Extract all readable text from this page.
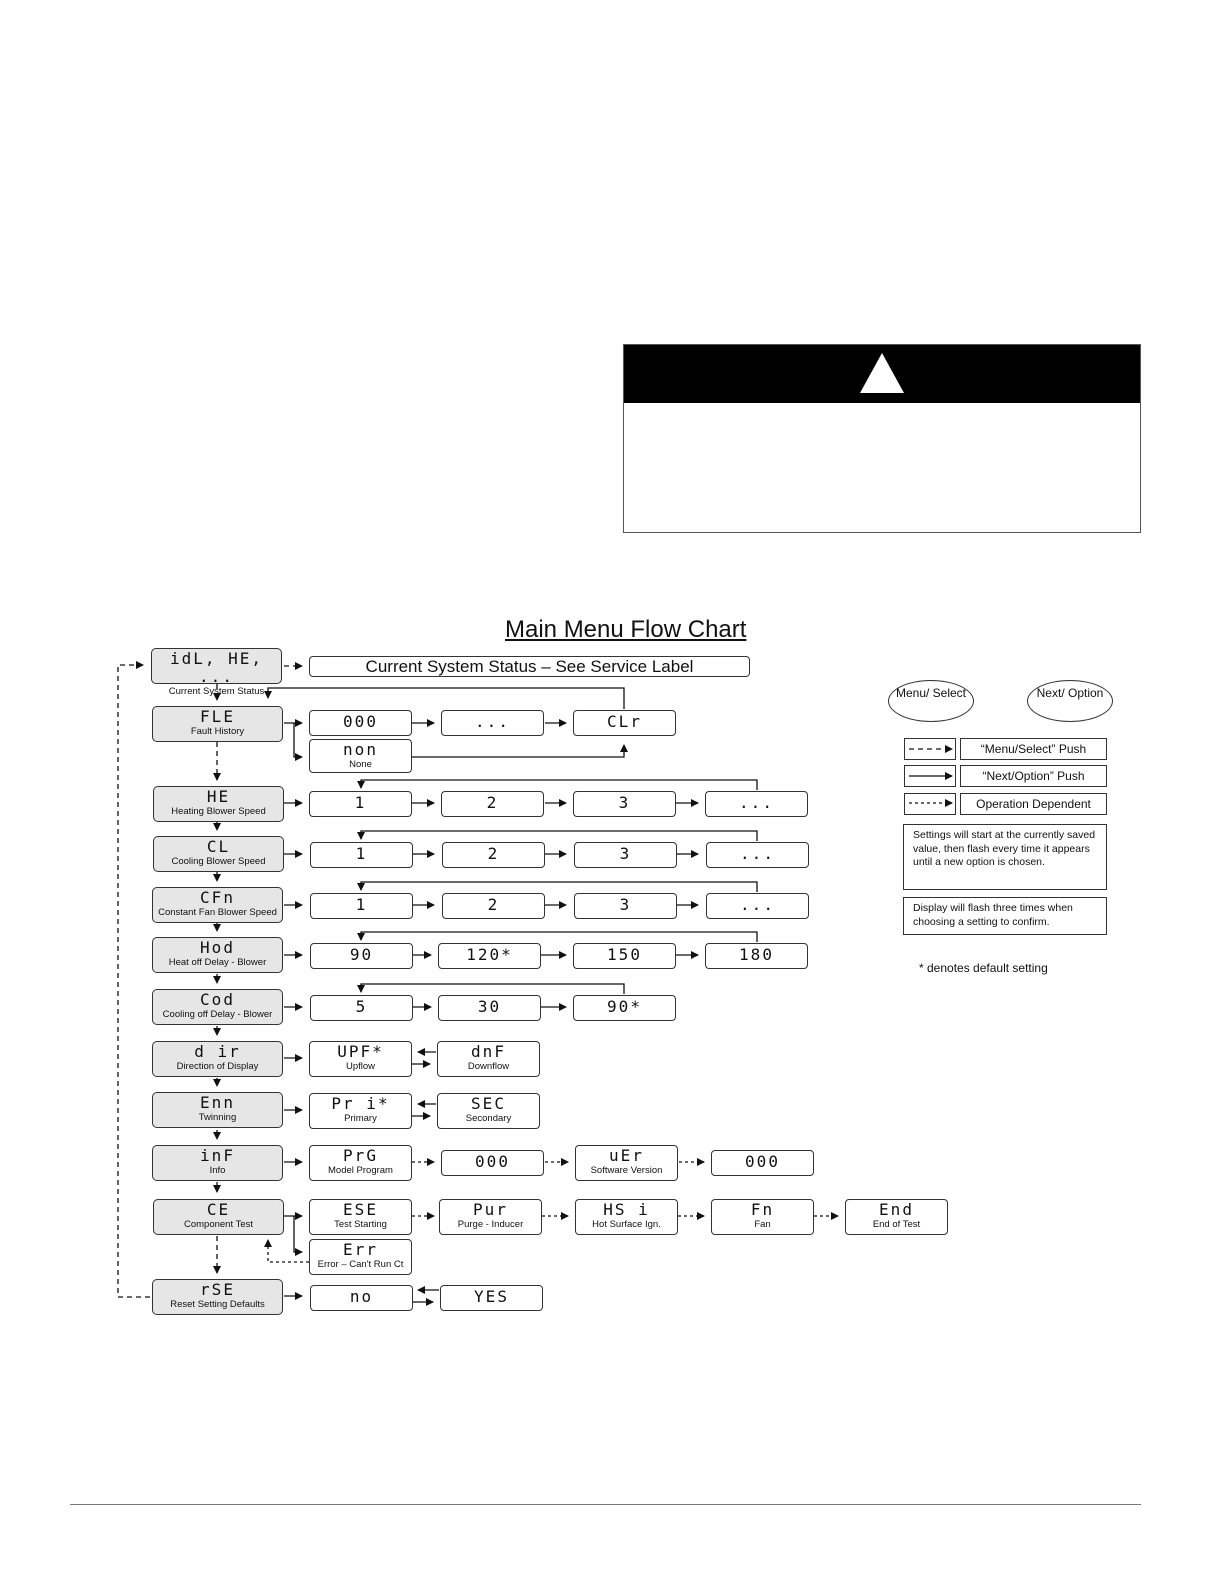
Main Menu Flow Chart
Current System Status – See Service Label
idL, HE, ...
Current System Status
FLE
Fault History
HE
Heating Blower Speed
CL
Cooling Blower Speed
CFn
Constant Fan Blower Speed
Hod
Heat off Delay - Blower
Cod
Cooling off Delay - Blower
d ir
Direction of Display
Enn
Twinning
inF
Info
CE
Component Test
rSE
Reset Setting Defaults
000	...	CLr
non
None
1	2	3	...
1	2	3	...
1	2	3	...
90	120*	150	180
5	30	90*
UPF*
Upflow
dnF
Downflow
Pr i*
Primary
SEC
Secondary
PrG
Model Program	000	uEr
Software Version	000
ESE
Test Starting
Pur
Purge - Inducer
HS i
Hot Surface Ign.
Fn
Fan
End
End of Test
Err
Error – Can't Run Ct
no	YES
Menu/ Select	Next/ Option
“Menu/Select” Push
“Next/Option” Push
Operation Dependent
Settings will start at the currently saved value, then flash every time it appears until a new option is chosen.
Display will flash three times when choosing a setting to confirm.
* denotes default setting
